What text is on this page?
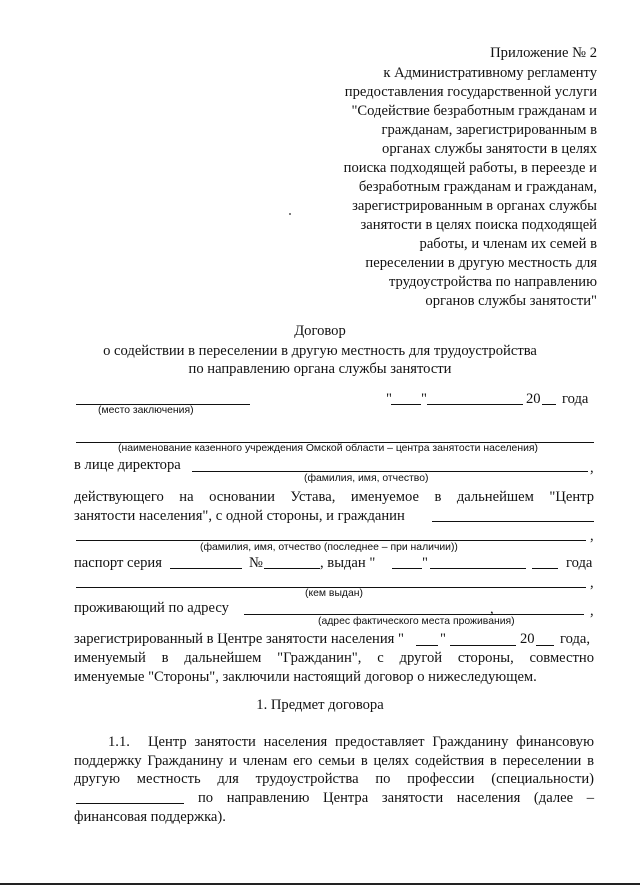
Приложение № 2
к Административному регламенту
предоставления государственной услуги
"Содействие безработным гражданам и
гражданам, зарегистрированным в
органах службы занятости в целях
поиска подходящей работы, в переезде и
безработным гражданам и гражданам,
зарегистрированным в органах службы
занятости в целях поиска подходящей
работы, и членам их семей в
переселении в другую местность для
трудоустройства по направлению
органов службы занятости"
Договор
о содействии в переселении в другую местность для трудоустройства
по направлению органа службы занятости
(место заключения)
" "	20 года
(наименование казенного учреждения Омской области – центра занятости населения)
в лице директора	,
(фамилия, имя, отчество)
действующего на основании Устава, именуемое в дальнейшем "Центр
занятости населения", с одной стороны, и гражданин
,
(фамилия, имя, отчество (последнее – при наличии))
паспорт серия	№	, выдан "	"	года
,
(кем выдан)
проживающий по адресу	,	,
(адрес фактического места проживания)
зарегистрированный в Центре занятости населения " "	20 года,
именуемый в дальнейшем "Гражданин", с другой стороны, совместно
именуемые "Стороны", заключили настоящий договор о нижеследующем.
1. Предмет договора
1.1. Центр занятости населения предоставляет Гражданину финансовую
поддержку Гражданину и членам его семьи в целях содействия в переселении в
другую местность для трудоустройства по профессии (специальности)
по направлению Центра занятости населения (далее –
финансовая поддержка).
